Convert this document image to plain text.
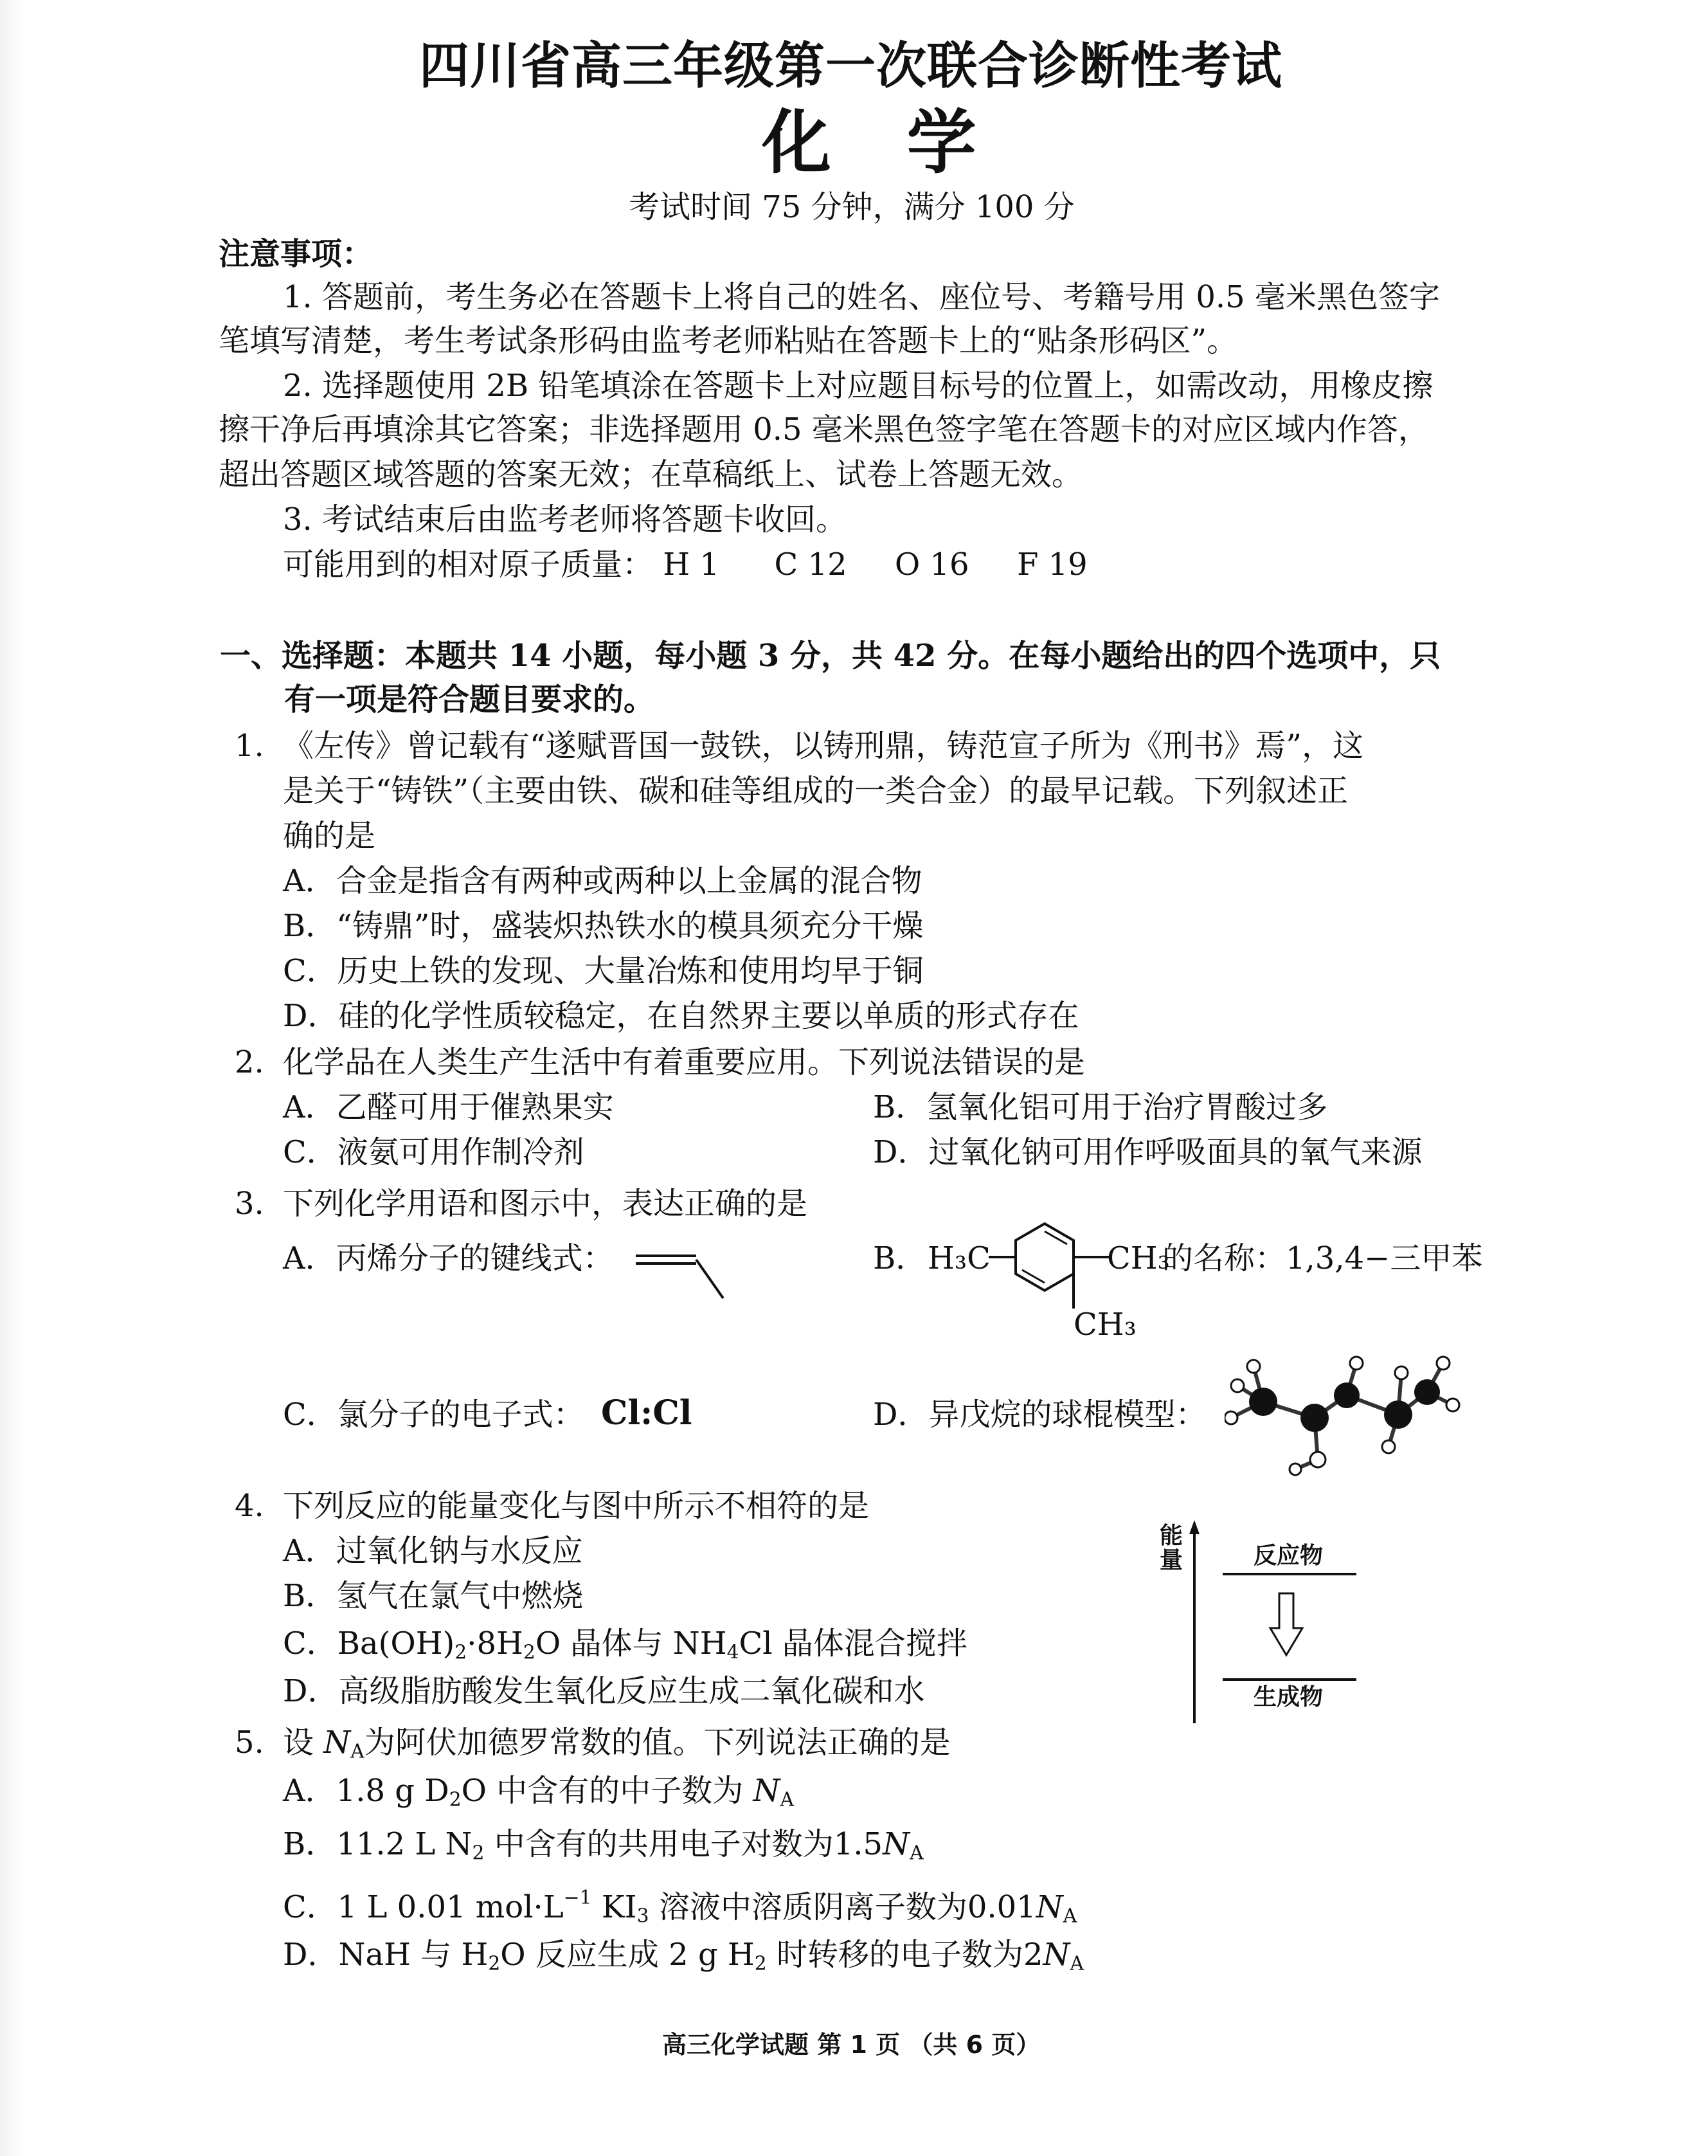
四川省高三年级第一次联合诊断性考试
化 学
考试时间 75 分钟，满分 100 分
注意事项：
1. 答题前，考生务必在答题卡上将自己的姓名、座位号、考籍号用 0.5 毫米黑色签字
笔填写清楚，考生考试条形码由监考老师粘贴在答题卡上的“贴条形码区”。
2. 选择题使用 2B 铅笔填涂在答题卡上对应题目标号的位置上，如需改动，用橡皮擦
擦干净后再填涂其它答案；非选择题用 0.5 毫米黑色签字笔在答题卡的对应区域内作答，
超出答题区域答题的答案无效；在草稿纸上、试卷上答题无效。
3. 考试结束后由监考老师将答题卡收回。
可能用到的相对原子质量： H 1 C 12 O 16 F 19
一、选择题：本题共 14 小题，每小题 3 分，共 42 分。在每小题给出的四个选项中，只
有一项是符合题目要求的。
1. 《左传》曾记载有“遂赋晋国一鼓铁，以铸刑鼎，铸范宣子所为《刑书》焉”，这
是关于“铸铁”（主要由铁、碳和硅等组成的一类合金）的最早记载。下列叙述正
确的是
A．合金是指含有两种或两种以上金属的混合物
B．“铸鼎”时，盛装炽热铁水的模具须充分干燥
C．历史上铁的发现、大量冶炼和使用均早于铜
D．硅的化学性质较稳定，在自然界主要以单质的形式存在
2. 化学品在人类生产生活中有着重要应用。下列说法错误的是
A．乙醛可用于催熟果实	B．氢氧化铝可用于治疗胃酸过多
C．液氨可用作制冷剂	D．过氧化钠可用作呼吸面具的氧气来源
3. 下列化学用语和图示中，表达正确的是
A．丙烯分子的键线式：	B． H₃C	CH₃
的名称：1,3,4−三甲苯
CH₃
C．氯分子的电子式： Cl:Cl	D．异戊烷的球棍模型：
4. 下列反应的能量变化与图中所示不相符的是
A．过氧化钠与水反应
B．氢气在氯气中燃烧
C．$Ba(OH)_2\cdot 8H_2O$ 晶体与 $NH_4Cl$ 晶体混合搅拌
D．高级脂肪酸发生氧化反应生成二氧化碳和水
能量	反应物
生成物
5. 设 $N_A$为阿伏加德罗常数的值。下列说法正确的是
A．1.8 g $D_2O$ 中含有的中子数为 $N_A$
B．11.2 L $N_2$ 中含有的共用电子对数为$1.5N_A$
C．1 L 0.01 $mol\cdot L^{-1}$ $KI_3$ 溶液中溶质阴离子数为$0.01N_A$
D．NaH 与 $H_2O$ 反应生成 2 g $H_2$ 时转移的电子数为$2N_A$
高三化学试题 第 1 页 （共 6 页）
